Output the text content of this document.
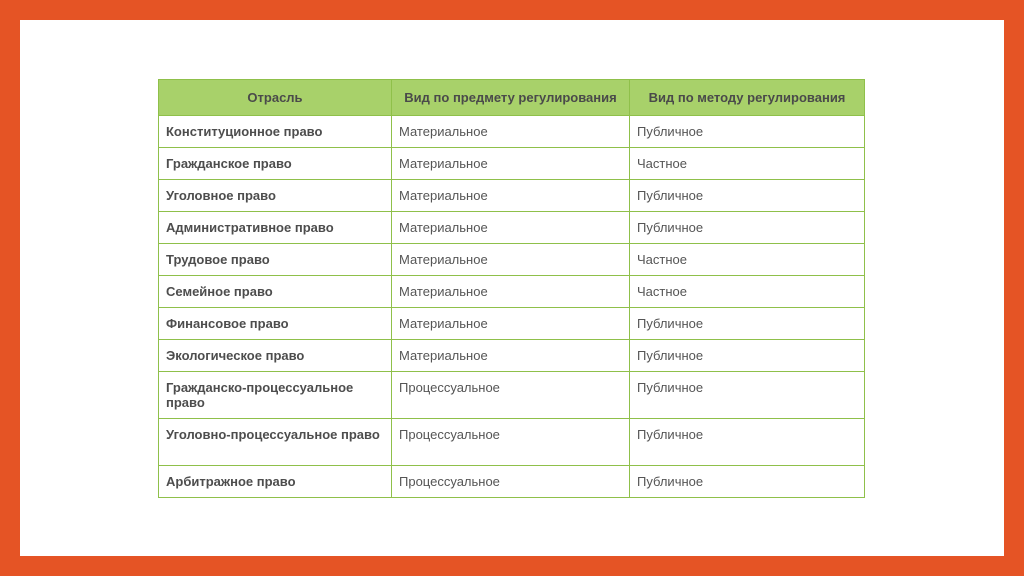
Отрасль	Вид по предмету регулирования	Вид по методу регулирования
Конституционное право	Материальное	Публичное
Гражданское право	Материальное	Частное
Уголовное право	Материальное	Публичное
Административное право	Материальное	Публичное
Трудовое право	Материальное	Частное
Семейное право	Материальное	Частное
Финансовое право	Материальное	Публичное
Экологическое право	Материальное	Публичное
Гражданско-процессуальное право	Процессуальное	Публичное
Уголовно-процессуальное право	Процессуальное	Публичное
Арбитражное право	Процессуальное	Публичное
